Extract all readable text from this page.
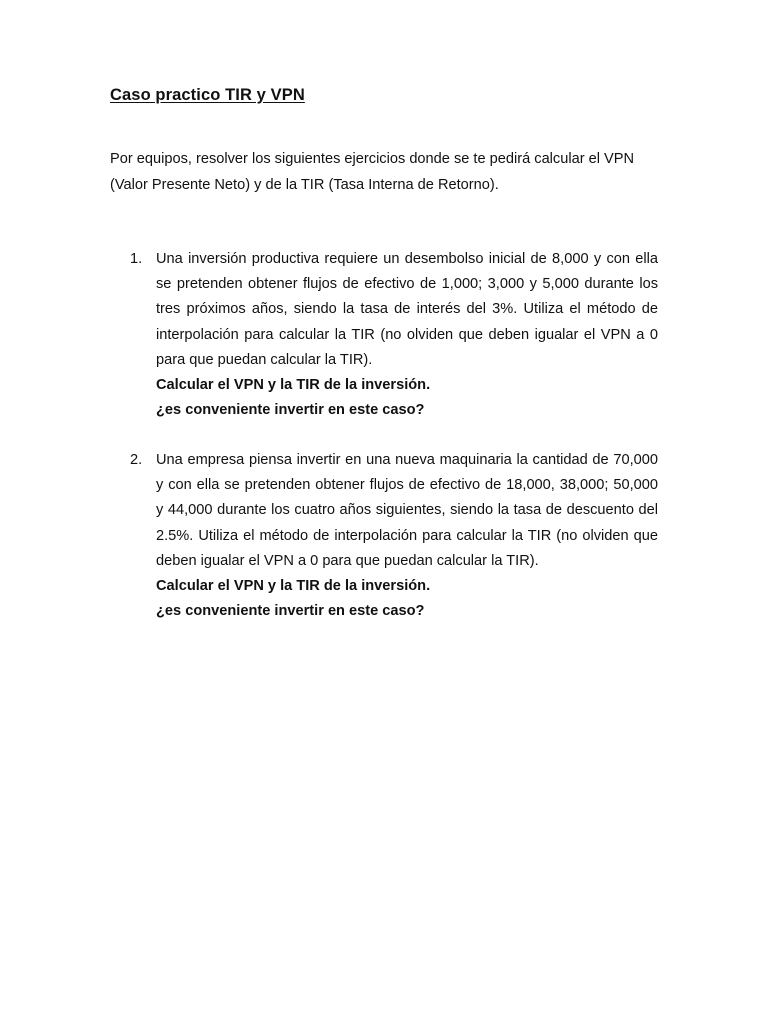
Caso practico TIR y VPN
Por equipos, resolver los siguientes ejercicios donde se te pedirá calcular el VPN
(Valor Presente Neto) y de la TIR (Tasa Interna de Retorno).
1. Una inversión productiva requiere un desembolso inicial de 8,000 y con ella se pretenden obtener flujos de efectivo de 1,000; 3,000 y 5,000 durante los tres próximos años, siendo la tasa de interés del 3%. Utiliza el método de interpolación para calcular la TIR (no olviden que deben igualar el VPN a 0 para que puedan calcular la TIR).
Calcular el VPN y la TIR de la inversión.
¿es conveniente invertir en este caso?
2. Una empresa piensa invertir en una nueva maquinaria la cantidad de 70,000 y con ella se pretenden obtener flujos de efectivo de 18,000, 38,000; 50,000 y 44,000 durante los cuatro años siguientes, siendo la tasa de descuento del 2.5%. Utiliza el método de interpolación para calcular la TIR (no olviden que deben igualar el VPN a 0 para que puedan calcular la TIR).
Calcular el VPN y la TIR de la inversión.
¿es conveniente invertir en este caso?
